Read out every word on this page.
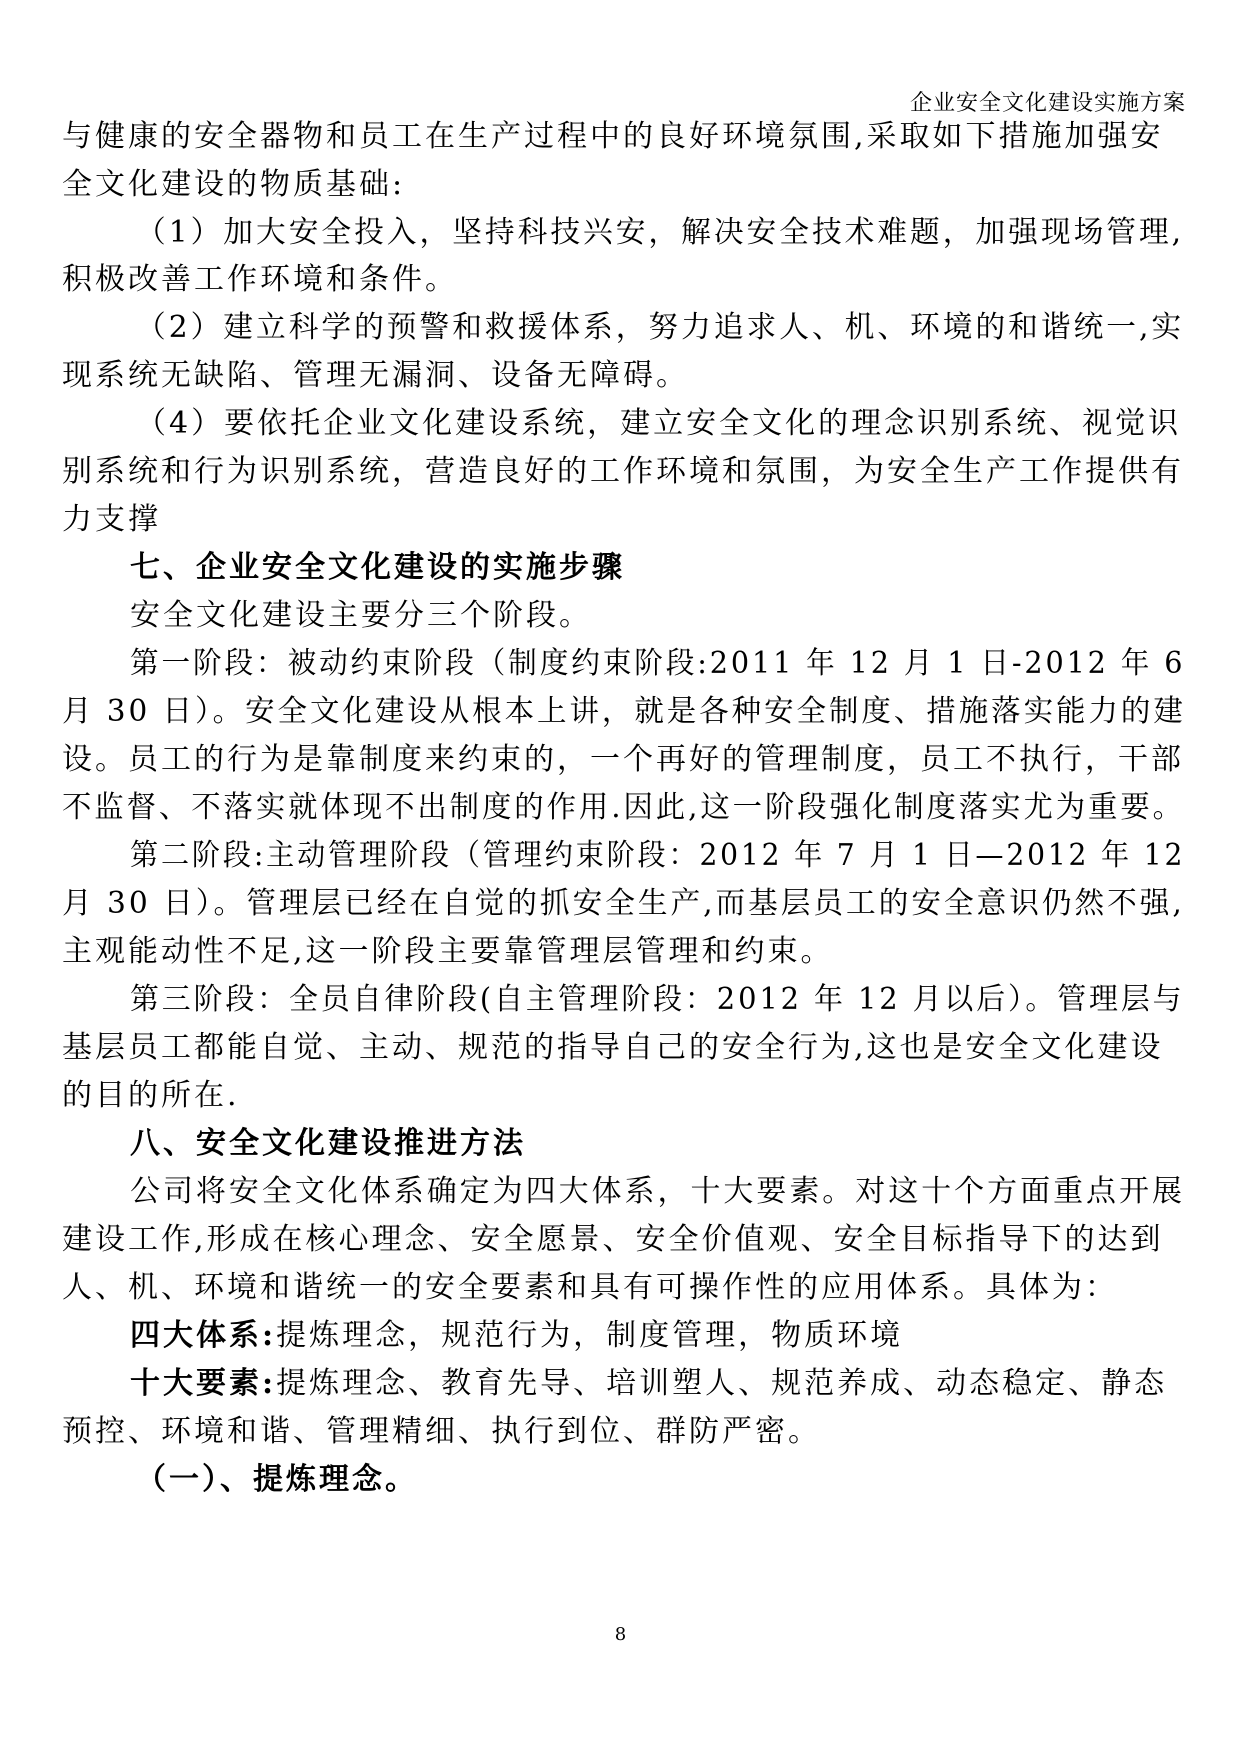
企业安全文化建设实施方案
与健康的安全器物和员工在生产过程中的良好环境氛围,采取如下措施加强安
全文化建设的物质基础:
（1）加大安全投入，坚持科技兴安，解决安全技术难题，加强现场管理,
积极改善工作环境和条件。
（2）建立科学的预警和救援体系，努力追求人、机、环境的和谐统一,实
现系统无缺陷、管理无漏洞、设备无障碍。
（4）要依托企业文化建设系统，建立安全文化的理念识别系统、视觉识
别系统和行为识别系统，营造良好的工作环境和氛围，为安全生产工作提供有
力支撑
七、企业安全文化建设的实施步骤
安全文化建设主要分三个阶段。
第一阶段：被动约束阶段（制度约束阶段:2011 年 12 月 1 日-2012 年 6
月 30 日）。安全文化建设从根本上讲，就是各种安全制度、措施落实能力的建
设。员工的行为是靠制度来约束的，一个再好的管理制度，员工不执行，干部
不监督、不落实就体现不出制度的作用.因此,这一阶段强化制度落实尤为重要。
第二阶段:主动管理阶段（管理约束阶段：2012 年 7 月 1 日—2012 年 12
月 30 日）。管理层已经在自觉的抓安全生产,而基层员工的安全意识仍然不强,
主观能动性不足,这一阶段主要靠管理层管理和约束。
第三阶段：全员自律阶段(自主管理阶段：2012 年 12 月以后）。管理层与
基层员工都能自觉、主动、规范的指导自己的安全行为,这也是安全文化建设
的目的所在.
八、安全文化建设推进方法
公司将安全文化体系确定为四大体系，十大要素。对这十个方面重点开展
建设工作,形成在核心理念、安全愿景、安全价值观、安全目标指导下的达到
人、机、环境和谐统一的安全要素和具有可操作性的应用体系。具体为：
四大体系:提炼理念，规范行为，制度管理，物质环境
十大要素:提炼理念、教育先导、培训塑人、规范养成、动态稳定、静态
预控、环境和谐、管理精细、执行到位、群防严密。
（一）、提炼理念。
8
